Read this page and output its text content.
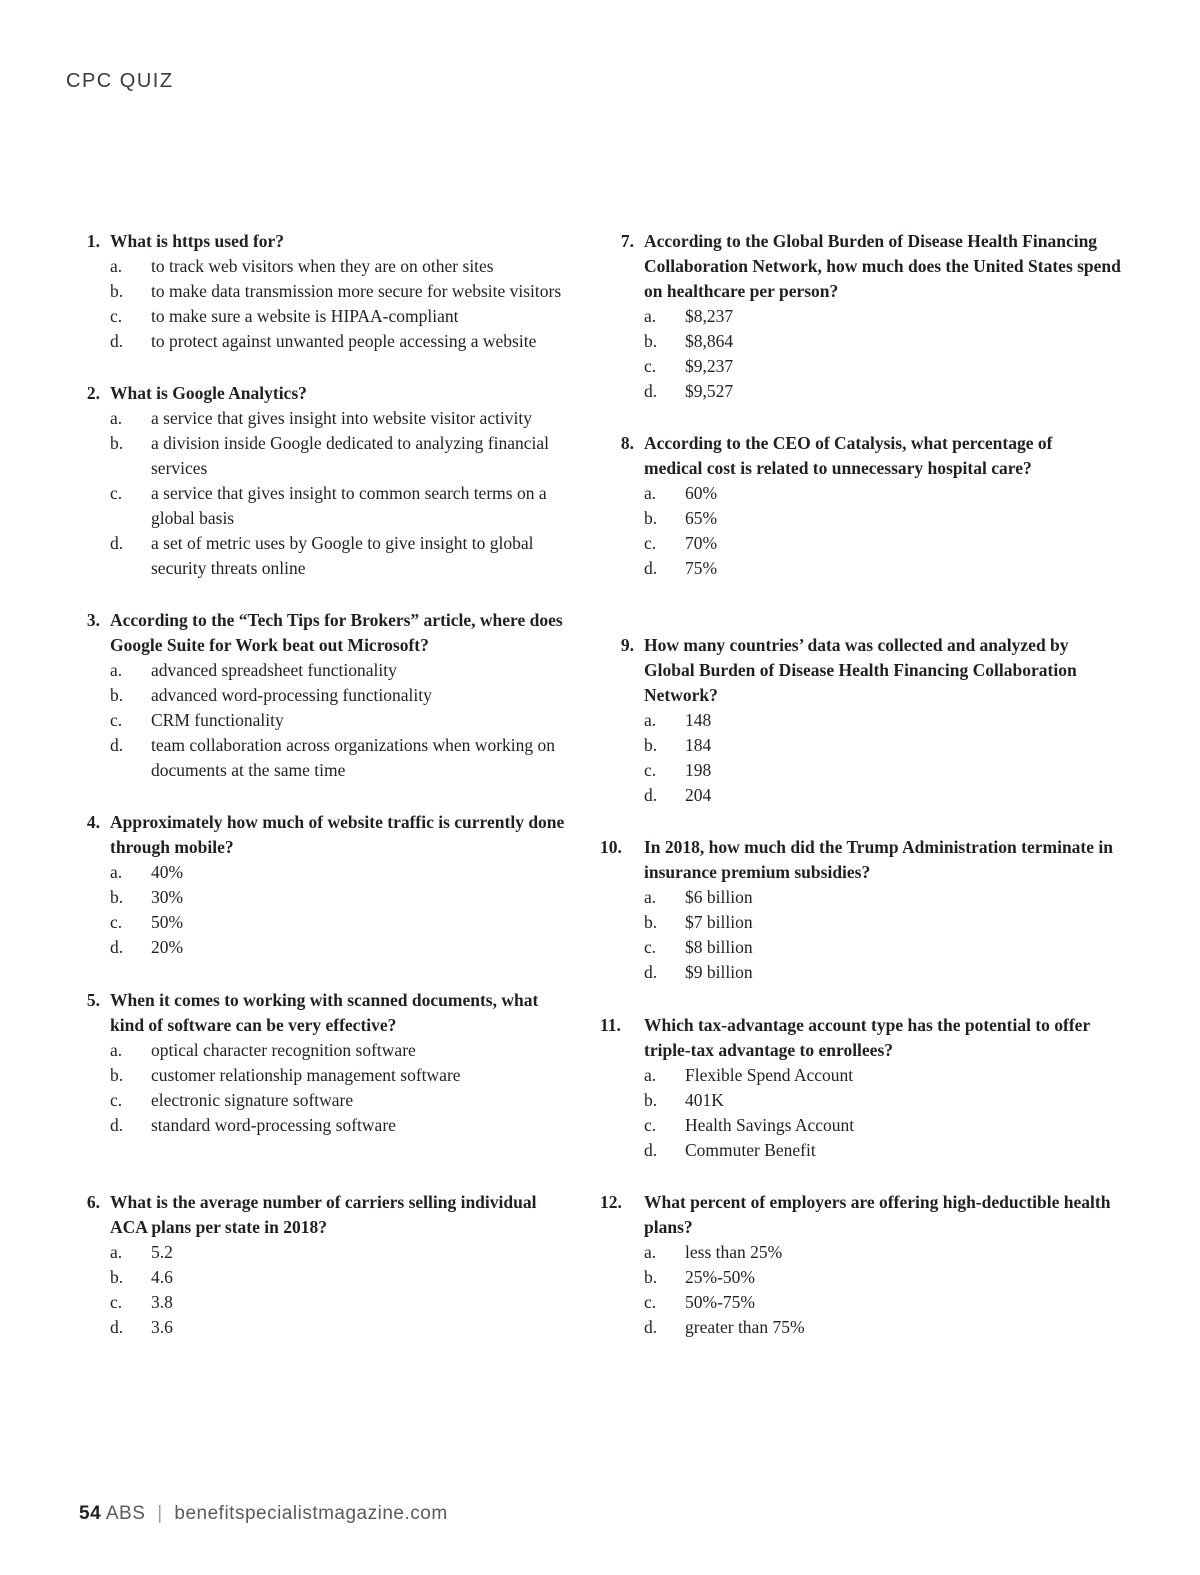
CPC QUIZ
1. What is https used for?
a. to track web visitors when they are on other sites
b. to make data transmission more secure for website visitors
c. to make sure a website is HIPAA-compliant
d. to protect against unwanted people accessing a website
2. What is Google Analytics?
a. a service that gives insight into website visitor activity
b. a division inside Google dedicated to analyzing financial services
c. a service that gives insight to common search terms on a global basis
d. a set of metric uses by Google to give insight to global security threats online
3. According to the “Tech Tips for Brokers” article, where does Google Suite for Work beat out Microsoft?
a. advanced spreadsheet functionality
b. advanced word-processing functionality
c. CRM functionality
d. team collaboration across organizations when working on documents at the same time
4. Approximately how much of website traffic is currently done through mobile?
a. 40%
b. 30%
c. 50%
d. 20%
5. When it comes to working with scanned documents, what kind of software can be very effective?
a. optical character recognition software
b. customer relationship management software
c. electronic signature software
d. standard word-processing software
6. What is the average number of carriers selling individual ACA plans per state in 2018?
a. 5.2
b. 4.6
c. 3.8
d. 3.6
7. According to the Global Burden of Disease Health Financing Collaboration Network, how much does the United States spend on healthcare per person?
a. $8,237
b. $8,864
c. $9,237
d. $9,527
8. According to the CEO of Catalysis, what percentage of medical cost is related to unnecessary hospital care?
a. 60%
b. 65%
c. 70%
d. 75%
9. How many countries’ data was collected and analyzed by Global Burden of Disease Health Financing Collaboration Network?
a. 148
b. 184
c. 198
d. 204
10.	In 2018, how much did the Trump Administration terminate in insurance premium subsidies?
a. $6 billion
b. $7 billion
c. $8 billion
d. $9 billion
11.	Which tax-advantage account type has the potential to offer triple-tax advantage to enrollees?
a. Flexible Spend Account
b. 401K
c. Health Savings Account
d. Commuter Benefit
12.	What percent of employers are offering high-deductible health plans?
a. less than 25%
b. 25%-50%
c. 50%-75%
d. greater than 75%
54 ABS | benefitspecialistmagazine.com
